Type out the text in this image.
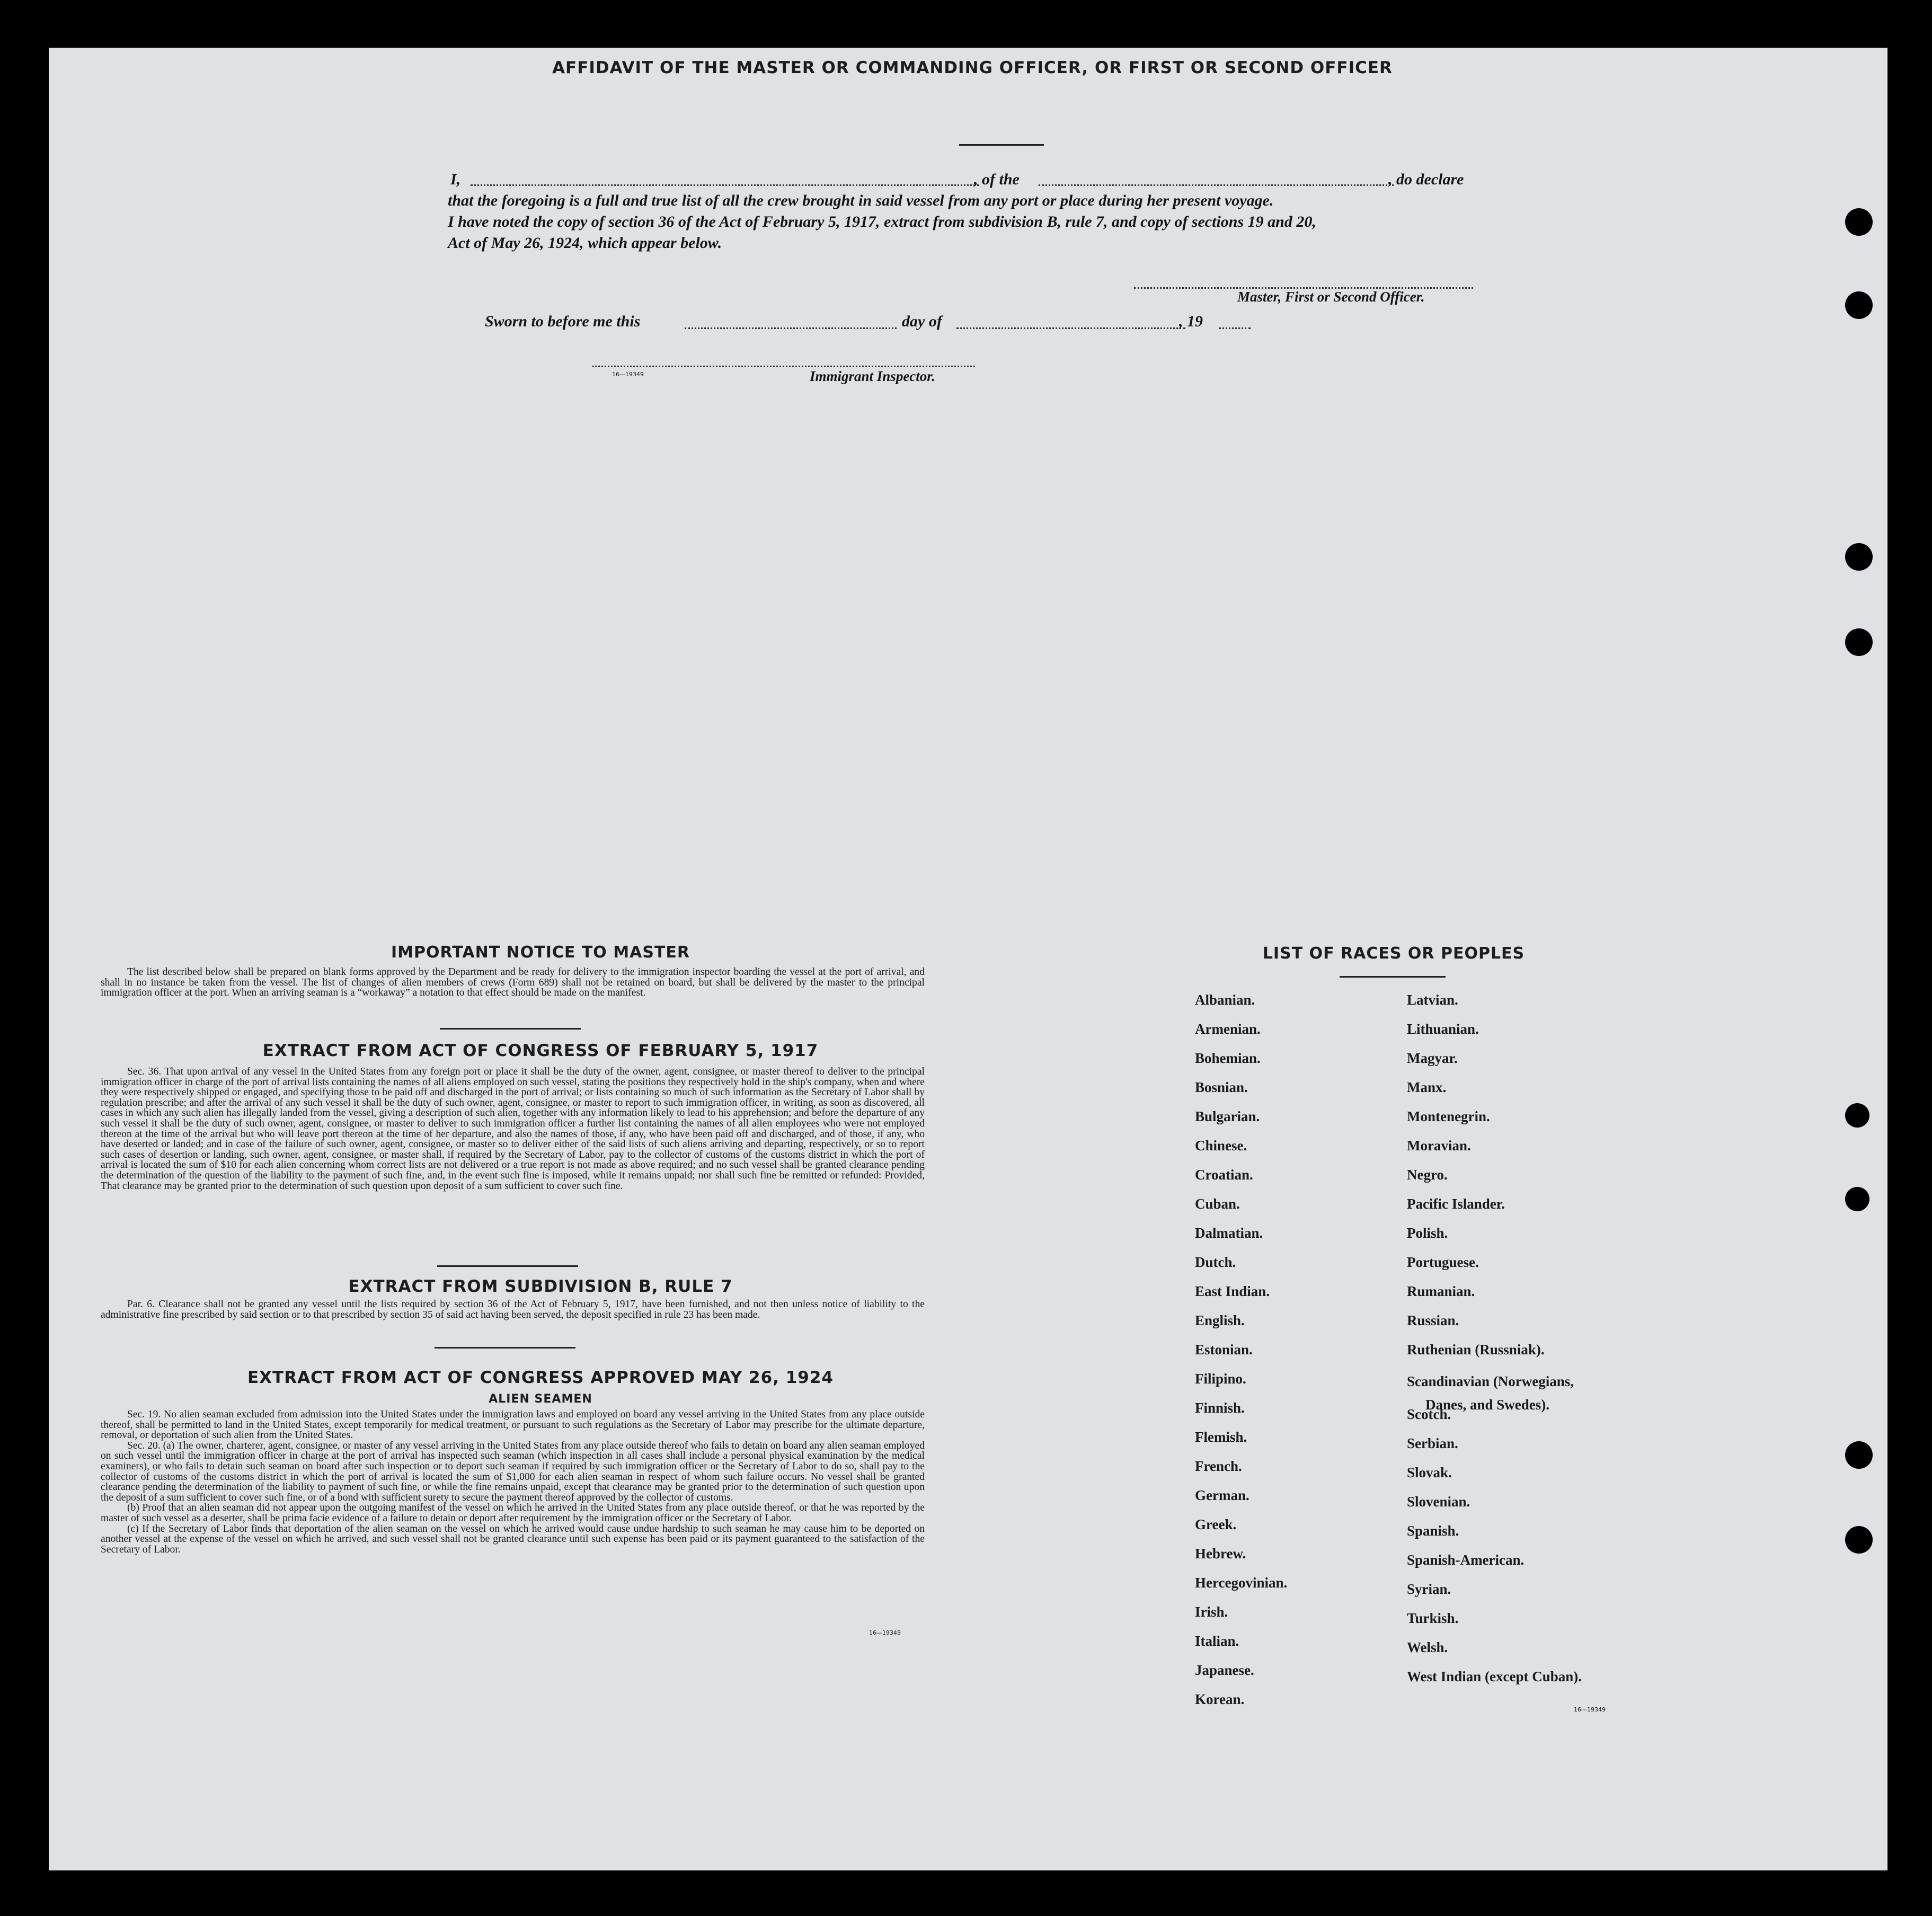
AFFIDAVIT OF THE MASTER OR COMMANDING OFFICER, OR FIRST OR SECOND OFFICER
I,	, of the	, do declare
that the foregoing is a full and true list of all the crew brought in said vessel from any port or place during her present voyage.
I have noted the copy of section 36 of the Act of February 5, 1917, extract from subdivision B, rule 7, and copy of sections 19 and 20,
Act of May 26, 1924, which appear below.
Master, First or Second Officer.
Sworn to before me this	day of	, 19
16—19349	Immigrant Inspector.
IMPORTANT NOTICE TO MASTER
The list described below shall be prepared on blank forms approved by the Department and be ready for delivery to the immigration inspector boarding the vessel at the port of arrival, and shall in no instance be taken from the vessel. The list of changes of alien members of crews (Form 689) shall not be retained on board, but shall be delivered by the master to the principal immigration officer at the port. When an arriving seaman is a “workaway” a notation to that effect should be made on the manifest.
EXTRACT FROM ACT OF CONGRESS OF FEBRUARY 5, 1917
Sec. 36. That upon arrival of any vessel in the United States from any foreign port or place it shall be the duty of the owner, agent, consignee, or master thereof to deliver to the principal immigration officer in charge of the port of arrival lists containing the names of all aliens employed on such vessel, stating the positions they respectively hold in the ship's company, when and where they were respectively shipped or engaged, and specifying those to be paid off and discharged in the port of arrival; or lists containing so much of such information as the Secretary of Labor shall by regulation prescribe; and after the arrival of any such vessel it shall be the duty of such owner, agent, consignee, or master to report to such immigration officer, in writing, as soon as discovered, all cases in which any such alien has illegally landed from the vessel, giving a description of such alien, together with any information likely to lead to his apprehension; and before the departure of any such vessel it shall be the duty of such owner, agent, consignee, or master to deliver to such immigration officer a further list containing the names of all alien employees who were not employed thereon at the time of the arrival but who will leave port thereon at the time of her departure, and also the names of those, if any, who have been paid off and discharged, and of those, if any, who have deserted or landed; and in case of the failure of such owner, agent, consignee, or master so to deliver either of the said lists of such aliens arriving and departing, respectively, or so to report such cases of desertion or landing, such owner, agent, consignee, or master shall, if required by the Secretary of Labor, pay to the collector of customs of the customs district in which the port of arrival is located the sum of $10 for each alien concerning whom correct lists are not delivered or a true report is not made as above required; and no such vessel shall be granted clearance pending the determination of the question of the liability to the payment of such fine, and, in the event such fine is imposed, while it remains unpaid; nor shall such fine be remitted or refunded: Provided, That clearance may be granted prior to the determination of such question upon deposit of a sum sufficient to cover such fine.
EXTRACT FROM SUBDIVISION B, RULE 7
Par. 6. Clearance shall not be granted any vessel until the lists required by section 36 of the Act of February 5, 1917, have been furnished, and not then unless notice of liability to the administrative fine prescribed by said section or to that prescribed by section 35 of said act having been served, the deposit specified in rule 23 has been made.
EXTRACT FROM ACT OF CONGRESS APPROVED MAY 26, 1924
ALIEN SEAMEN

Sec. 19. No alien seaman excluded from admission into the United States under the immigration laws and employed on board any vessel arriving in the United States from any place outside thereof, shall be permitted to land in the United States, except temporarily for medical treatment, or pursuant to such regulations as the Secretary of Labor may prescribe for the ultimate departure, removal, or deportation of such alien from the United States.

Sec. 20. (a) The owner, charterer, agent, consignee, or master of any vessel arriving in the United States from any place outside thereof who fails to detain on board any alien seaman employed on such vessel until the immigration officer in charge at the port of arrival has inspected such seaman (which inspection in all cases shall include a personal physical examination by the medical examiners), or who fails to detain such seaman on board after such inspection or to deport such seaman if required by such immigration officer or the Secretary of Labor to do so, shall pay to the collector of customs of the customs district in which the port of arrival is located the sum of $1,000 for each alien seaman in respect of whom such failure occurs. No vessel shall be granted clearance pending the determination of the liability to payment of such fine, or while the fine remains unpaid, except that clearance may be granted prior to the determination of such question upon the deposit of a sum sufficient to cover such fine, or of a bond with sufficient surety to secure the payment thereof approved by the collector of customs.

(b) Proof that an alien seaman did not appear upon the outgoing manifest of the vessel on which he arrived in the United States from any place outside thereof, or that he was reported by the master of such vessel as a deserter, shall be prima facie evidence of a failure to detain or deport after requirement by the immigration officer or the Secretary of Labor.

(c) If the Secretary of Labor finds that deportation of the alien seaman on the vessel on which he arrived would cause undue hardship to such seaman he may cause him to be deported on another vessel at the expense of the vessel on which he arrived, and such vessel shall not be granted clearance until such expense has been paid or its payment guaranteed to the satisfaction of the Secretary of Labor.

16—19349
LIST OF RACES OR PEOPLES
Albanian.
Armenian.
Bohemian.
Bosnian.
Bulgarian.
Chinese.
Croatian.
Cuban.
Dalmatian.
Dutch.
East Indian.
English.
Estonian.
Filipino.
Finnish.
Flemish.
French.
German.
Greek.
Hebrew.
Hercegovinian.
Irish.
Italian.
Japanese.
Korean.
Latvian.
Lithuanian.
Magyar.
Manx.
Montenegrin.
Moravian.
Negro.
Pacific Islander.
Polish.
Portuguese.
Rumanian.
Russian.
Ruthenian (Russniak).
Scandinavian (Norwegians,
Scotch.
Serbian.
Slovak.
Slovenian.
Spanish.
Spanish-American.
Syrian.
Turkish.
Welsh.
West Indian (except Cuban).
Danes, and Swedes).
16—19349
